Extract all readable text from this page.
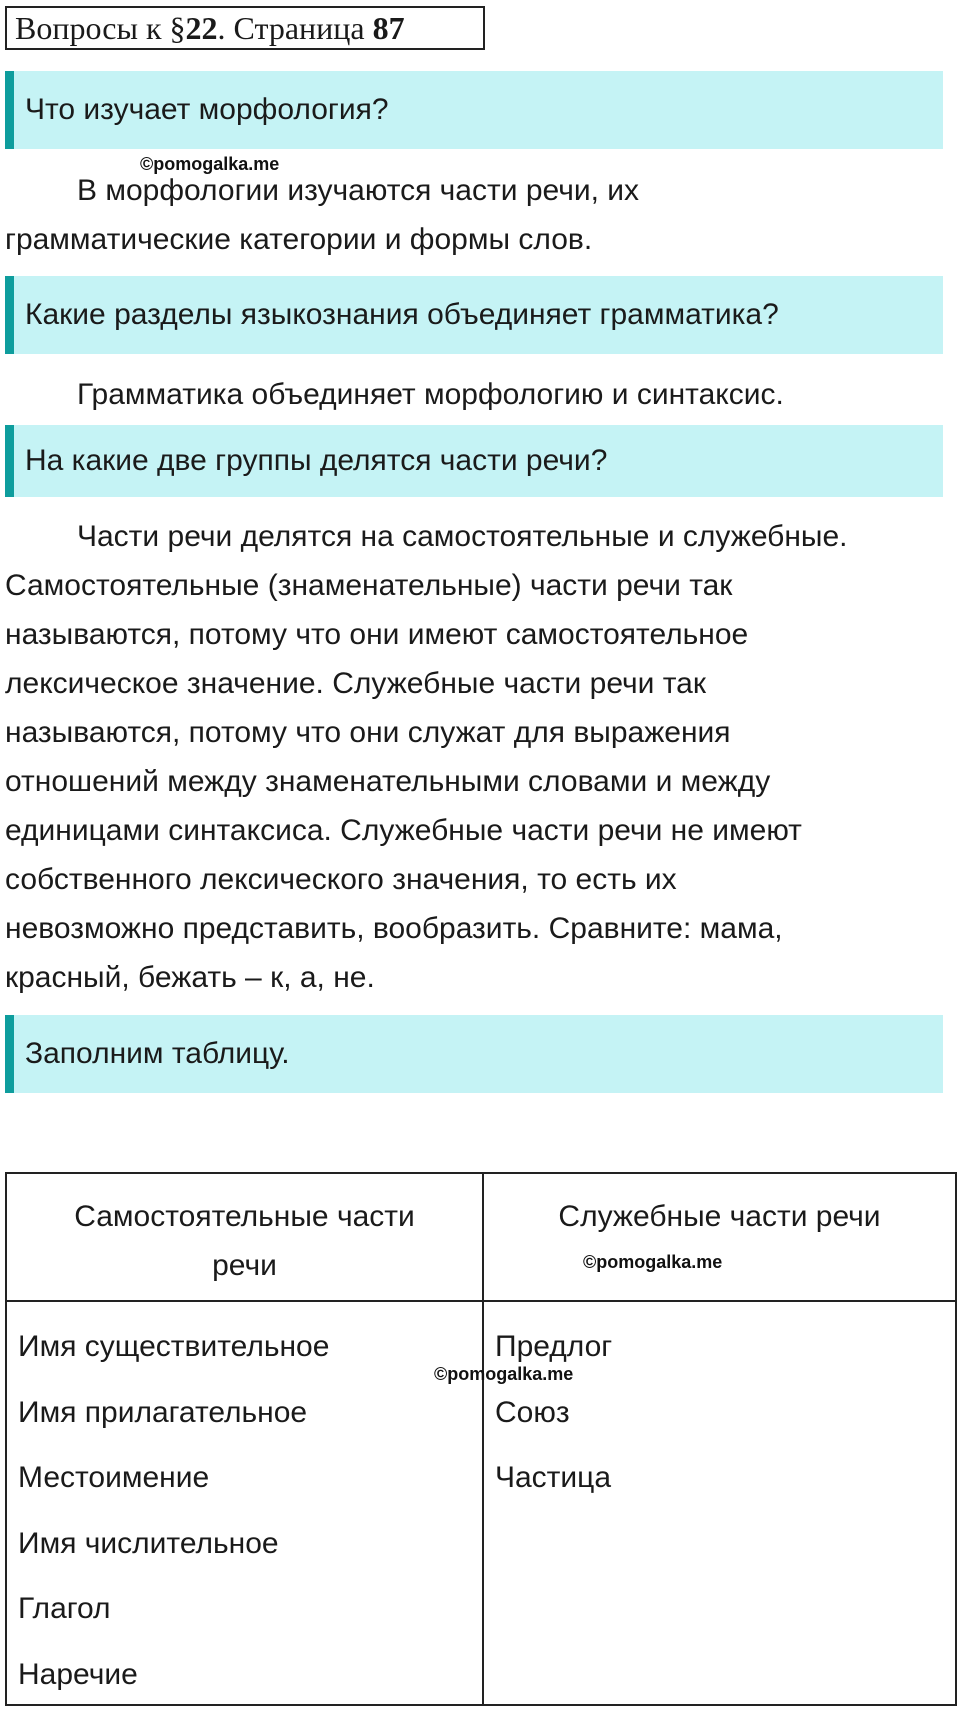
Вопросы к §22. Страница 87
Что изучает морфология?
©pomogalka.me
В морфологии изучаются части речи, их
грамматические категории и формы слов.
Какие разделы языкознания объединяет грамматика?
Грамматика объединяет морфологию и синтаксис.
На какие две группы делятся части речи?
Части речи делятся на самостоятельные и служебные.
Самостоятельные (знаменательные) части речи так
называются, потому что они имеют самостоятельное
лексическое значение. Служебные части речи так
называются, потому что они служат для выражения
отношений между знаменательными словами и между
единицами синтаксиса. Служебные части речи не имеют
собственного лексического значения, то есть их
невозможно представить, вообразить. Сравните: мама,
красный, бежать – к, а, не.
Заполним таблицу.
Самостоятельные части
речи
Служебные части речи
Имя существительное
Имя прилагательное
Местоимение
Имя числительное
Глагол
Наречие
Предлог
Союз
Частица
©pomogalka.me
©pomogalka.me
